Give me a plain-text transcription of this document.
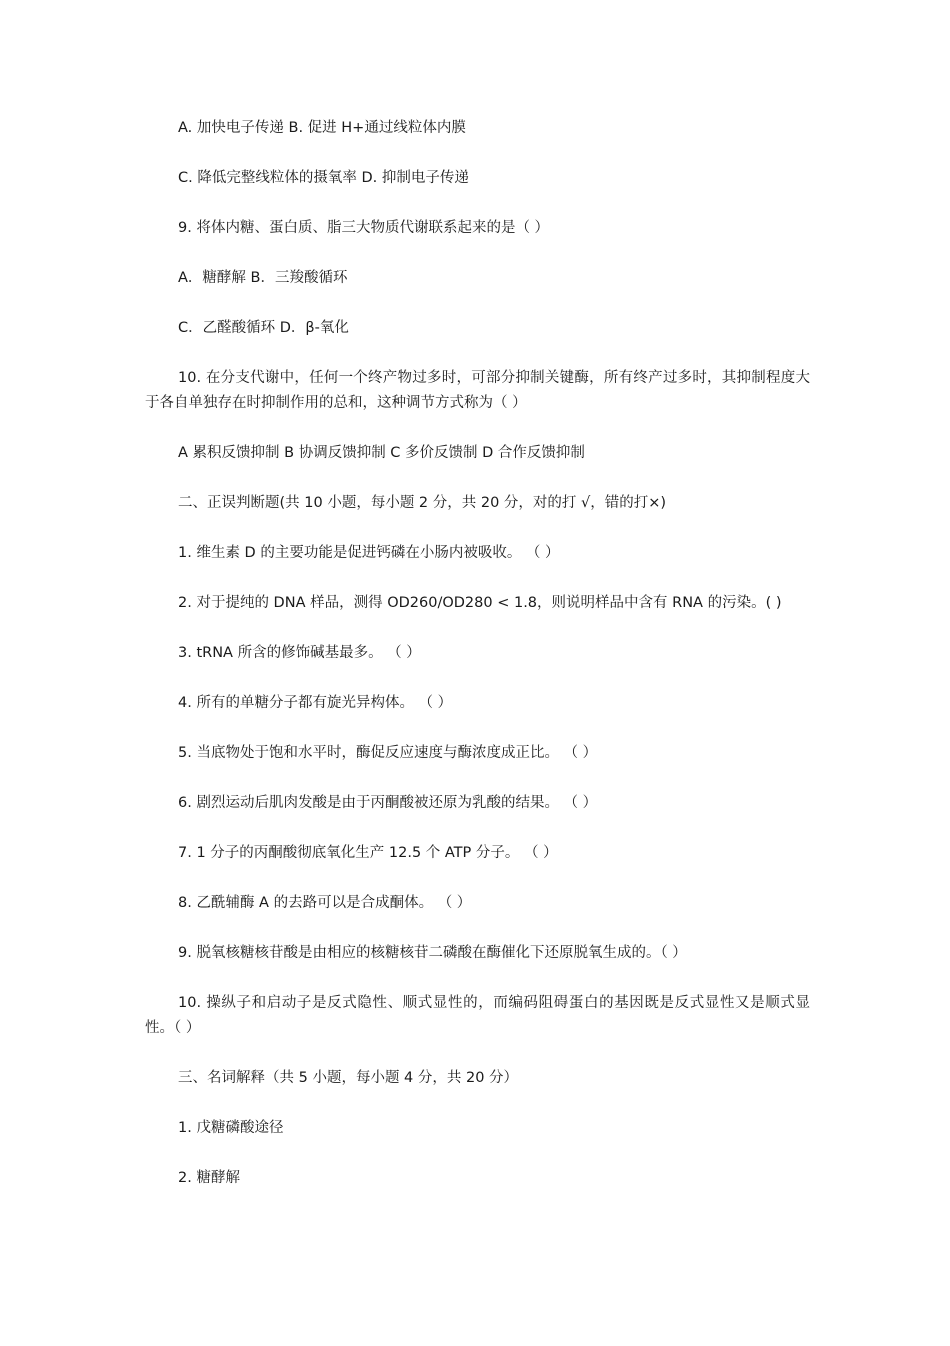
A. 加快电子传递 B. 促进 H+通过线粒体内膜
C. 降低完整线粒体的摄氧率 D. 抑制电子传递
9. 将体内糖、蛋白质、脂三大物质代谢联系起来的是（ ）
A．糖酵解 B．三羧酸循环
C．乙醛酸循环 D．β-氧化
10. 在分支代谢中，任何一个终产物过多时，可部分抑制关键酶，所有终产过多时，其抑制程度大于各自单独存在时抑制作用的总和，这种调节方式称为（ ）
A 累积反馈抑制 B 协调反馈抑制 C 多价反馈制 D 合作反馈抑制
二、正误判断题(共 10 小题，每小题 2 分，共 20 分，对的打 √，错的打×)
1. 维生素 D 的主要功能是促进钙磷在小肠内被吸收。 （ ）
2. 对于提纯的 DNA 样品，测得 OD260/OD280 < 1.8，则说明样品中含有 RNA 的污染。( )
3. tRNA 所含的修饰碱基最多。 （ ）
4. 所有的单糖分子都有旋光异构体。 （ ）
5. 当底物处于饱和水平时，酶促反应速度与酶浓度成正比。 （ ）
6. 剧烈运动后肌肉发酸是由于丙酮酸被还原为乳酸的结果。 （ ）
7. 1 分子的丙酮酸彻底氧化生产 12.5 个 ATP 分子。 （ ）
8. 乙酰辅酶 A 的去路可以是合成酮体。 （ ）
9. 脱氧核糖核苷酸是由相应的核糖核苷二磷酸在酶催化下还原脱氧生成的。（ ）
10. 操纵子和启动子是反式隐性、顺式显性的，而编码阻碍蛋白的基因既是反式显性又是顺式显性。（ ）
三、名词解释（共 5 小题，每小题 4 分，共 20 分）
1. 戊糖磷酸途径
2. 糖酵解
